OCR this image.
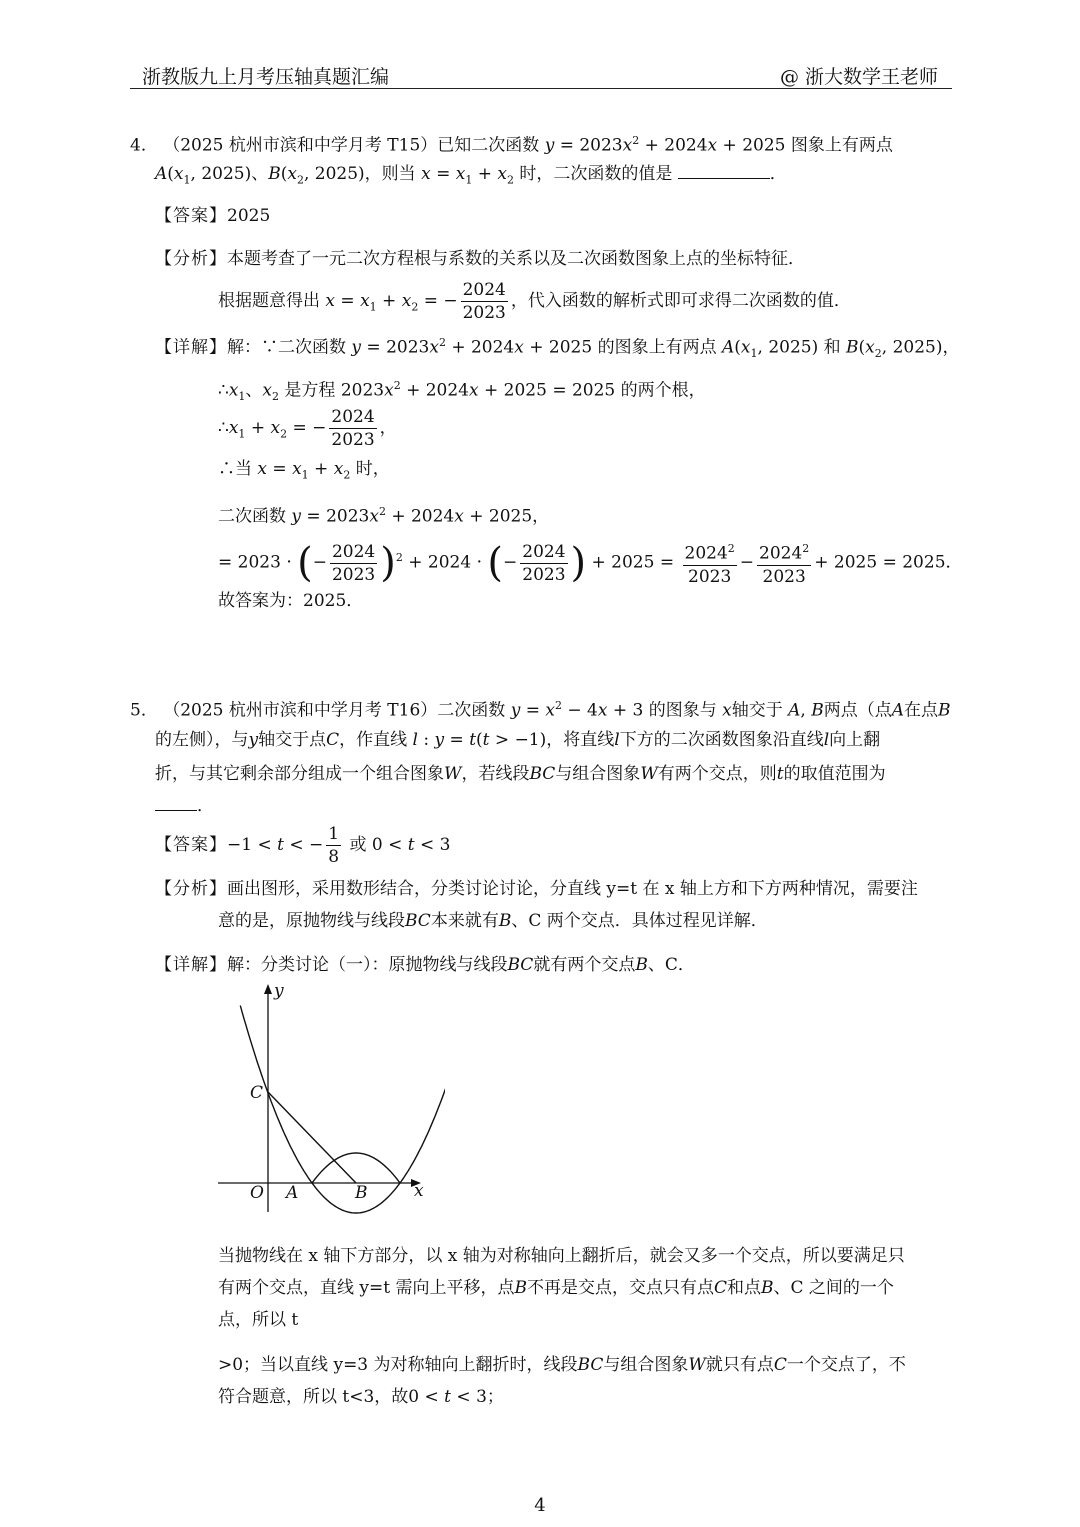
浙教版九上月考压轴真题汇编	@ 浙大数学王老师
4． （2025 杭州市滨和中学月考 T15）已知二次函数 $y = 2023x^2 + 2024x + 2025$ 图象上有两点
$A(x_1$, 2025)、$B(x_2$, 2025)，则当 $x = x_1 + x_2$ 时，二次函数的值是	．
【答案】2025
【分析】本题考查了一元二次方程根与系数的关系以及二次函数图象上点的坐标特征．
根据题意得出 $x = x_1 + x_2$ = − $\frac{2024}{2023}$ ，代入函数的解析式即可求得二次函数的值．
【详解】解：∵二次函数 $y = 2023x^2 + 2024x + 2025$ 的图象上有两点 $A(x_1$, 2025) 和 $B(x_2$, 2025)，
$\therefore x_1$、$x_2$ 是方程 $2023x^2 + 2024x + 2025 = 2025$ 的两个根，
$\therefore x_1 + x_2$ = − $\frac{2024}{2023}$ ，
∴当 $x = x_1 + x_2$ 时，
二次函数 $y = 2023x^2 + 2024x + 2025$，
= 2023 · (− $\frac{2024}{2023} )^2 + 2024$ · (− $\frac{2024}{2023}$ ) + $2025 = \frac{2024^2}{2023} - \frac{2024^2}{2023} + 2025 = 2025$．
故答案为：2025．
5． （2025 杭州市滨和中学月考 T16）二次函数 $y = x^2 - 4x + 3$ 的图象与 x轴交于 A, B两点（点A在点B
的左侧），与y轴交于点C，作直线 l : y = t(t > −1)，将直线l下方的二次函数图象沿直线l向上翻
折，与其它剩余部分组成一个组合图象W，若线段BC与组合图象W有两个交点，则t的取值范围为
．
【答案】−1 < t < − $\frac{1}{8}$ 或 0 < t < 3
【分析】画出图形，采用数形结合，分类讨论讨论，分直线 y=t 在 x 轴上方和下方两种情况，需要注
意的是，原抛物线与线段BC本来就有B、C 两个交点．具体过程见详解．
【详解】解：分类讨论（一）：原抛物线与线段BC就有两个交点B、C．
y
x
O A	B
C
当抛物线在 x 轴下方部分，以 x 轴为对称轴向上翻折后，就会又多一个交点，所以要满足只
有两个交点，直线 y=t 需向上平移，点B不再是交点，交点只有点C和点B、C 之间的一个
点，所以 t
>0；当以直线 y=3 为对称轴向上翻折时，线段BC与组合图象W就只有点C一个交点了，不
符合题意，所以 t<3，故0 < t < 3；
4
